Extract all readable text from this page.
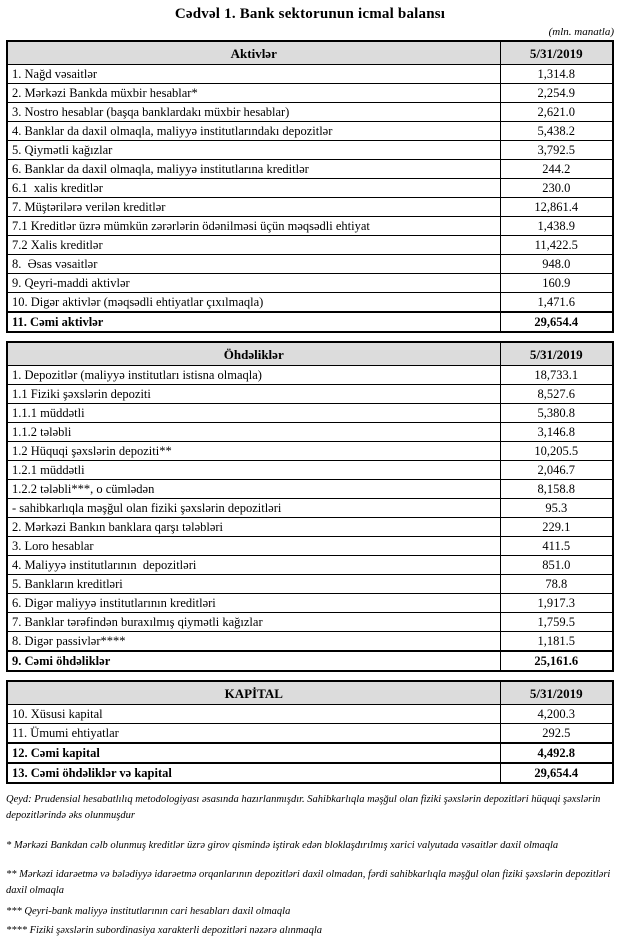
Cədvəl 1. Bank sektorunun icmal balansı
(mln. manatla)
Aktivlər	5/31/2019
1. Nağd vəsaitlər	1,314.8
2. Mərkəzi Bankda müxbir hesablar*	2,254.9
3. Nostro hesablar (başqa banklardakı müxbir hesablar)	2,621.0
4. Banklar da daxil olmaqla, maliyyə institutlarındakı depozitlər	5,438.2
5. Qiymətli kağızlar	3,792.5
6. Banklar da daxil olmaqla, maliyyə institutlarına kreditlər	244.2
6.1  xalis kreditlər	230.0
7. Müştərilərə verilən kreditlər	12,861.4
7.1 Kreditlər üzrə mümkün zərərlərin ödənilməsi üçün məqsədli ehtiyat	1,438.9
7.2 Xalis kreditlər	11,422.5
8.  Əsas vəsaitlər	948.0
9. Qeyri-maddi aktivlər	160.9
10. Digər aktivlər (məqsədli ehtiyatlar çıxılmaqla)	1,471.6
11. Cəmi aktivlər	29,654.4
Öhdəliklər	5/31/2019
1. Depozitlər (maliyyə institutları istisna olmaqla)	18,733.1
1.1 Fiziki şəxslərin depoziti	8,527.6
1.1.1 müddətli	5,380.8
1.1.2 tələbli	3,146.8
1.2 Hüquqi şəxslərin depoziti**	10,205.5
1.2.1 müddətli	2,046.7
1.2.2 tələbli***, o cümlədən	8,158.8
- sahibkarlıqla məşğul olan fiziki şəxslərin depozitləri	95.3
2. Mərkəzi Bankın banklara qarşı tələbləri	229.1
3. Loro hesablar	411.5
4. Maliyyə institutlarının  depozitləri	851.0
5. Bankların kreditləri	78.8
6. Digər maliyyə institutlarının kreditləri	1,917.3
7. Banklar tərəfindən buraxılmış qiymətli kağızlar	1,759.5
8. Digər passivlər****	1,181.5
9. Cəmi öhdəliklər	25,161.6
KAPİTAL	5/31/2019
10. Xüsusi kapital	4,200.3
11. Ümumi ehtiyatlar	292.5
12. Cəmi kapital	4,492.8
13. Cəmi öhdəliklər və kapital	29,654.4

Qeyd: Prudensial hesabatlılıq metodologiyası əsasında hazırlanmışdır. Sahibkarlıqla məşğul olan fiziki şəxslərin depozitləri hüquqi şəxslərin depozitlərində əks olunmuşdur

* Mərkəzi Bankdan cəlb olunmuş kreditlər üzrə girov qismində iştirak edən bloklaşdırılmış xarici valyutada vəsaitlər daxil olmaqla

** Mərkəzi idarəetmə və bələdiyyə idarəetmə orqanlarının depozitləri daxil olmadan, fərdi sahibkarlıqla məşğul olan fiziki şəxslərin depozitləri daxil olmaqla

*** Qeyri-bank maliyyə institutlarının cari hesabları daxil olmaqla

**** Fiziki şəxslərin subordinasiya xarakterli depozitləri nəzərə alınmaqla
